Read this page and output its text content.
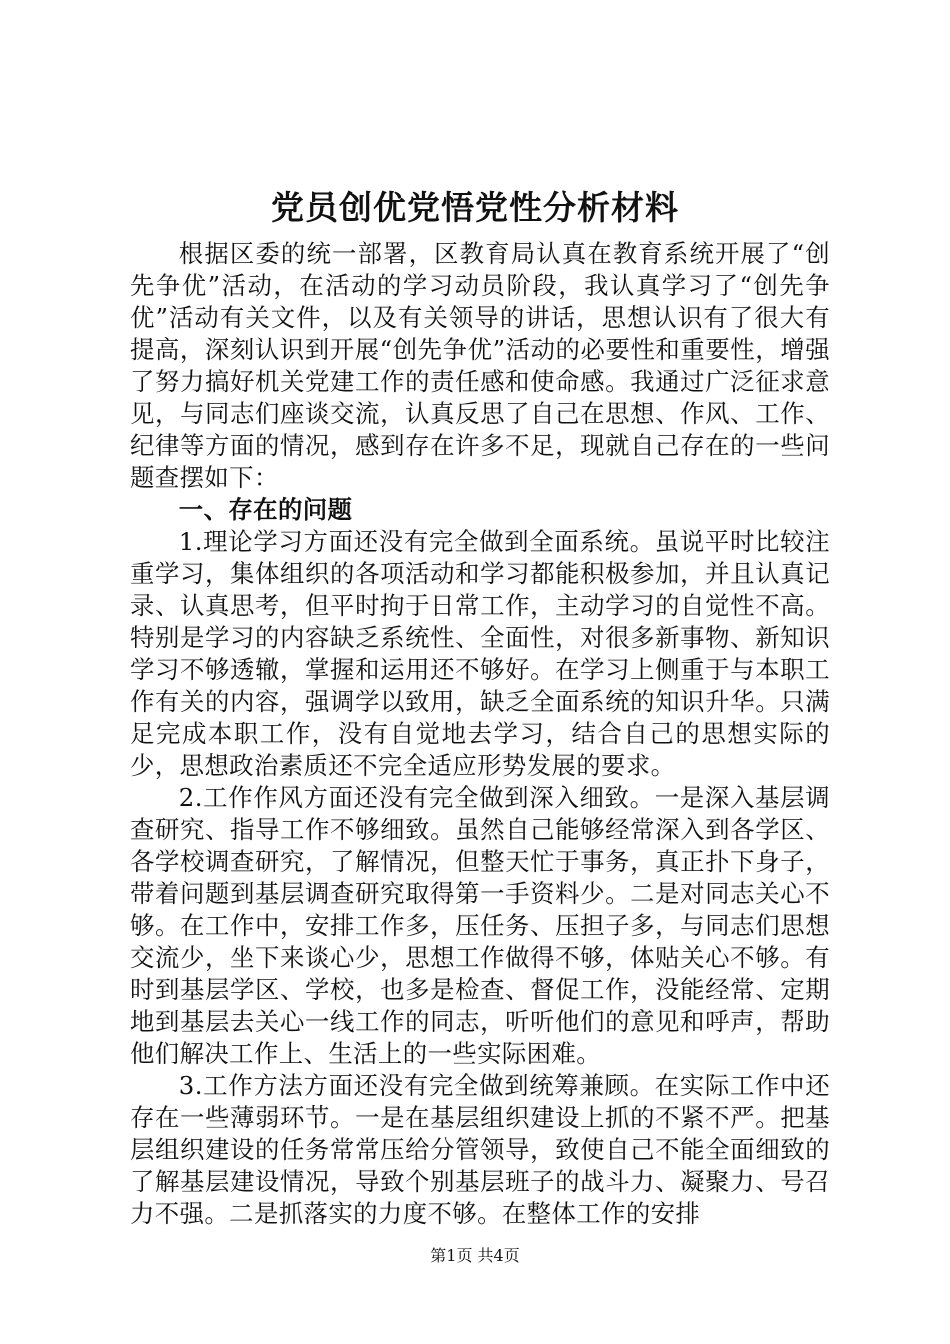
党员创优党悟党性分析材料

根据区委的统一部署，区教育局认真在教育系统开展了“创先争优”活动，在活动的学习动员阶段，我认真学习了“创先争优”活动有关文件，以及有关领导的讲话，思想认识有了很大有提高，深刻认识到开展“创先争优”活动的必要性和重要性，增强了努力搞好机关党建工作的责任感和使命感。我通过广泛征求意见，与同志们座谈交流，认真反思了自己在思想、作风、工作、纪律等方面的情况，感到存在许多不足，现就自己存在的一些问题查摆如下：

一、存在的问题

1.理论学习方面还没有完全做到全面系统。虽说平时比较注重学习，集体组织的各项活动和学习都能积极参加，并且认真记录、认真思考，但平时拘于日常工作，主动学习的自觉性不高。特别是学习的内容缺乏系统性、全面性，对很多新事物、新知识学习不够透辙，掌握和运用还不够好。在学习上侧重于与本职工作有关的内容，强调学以致用，缺乏全面系统的知识升华。只满足完成本职工作，没有自觉地去学习，结合自己的思想实际的少，思想政治素质还不完全适应形势发展的要求。

2.工作作风方面还没有完全做到深入细致。一是深入基层调查研究、指导工作不够细致。虽然自己能够经常深入到各学区、各学校调查研究，了解情况，但整天忙于事务，真正扑下身子，带着问题到基层调查研究取得第一手资料少。二是对同志关心不够。在工作中，安排工作多，压任务、压担子多，与同志们思想交流少，坐下来谈心少，思想工作做得不够，体贴关心不够。有时到基层学区、学校，也多是检查、督促工作，没能经常、定期地到基层去关心一线工作的同志，听听他们的意见和呼声，帮助他们解决工作上、生活上的一些实际困难。

3.工作方法方面还没有完全做到统筹兼顾。在实际工作中还存在一些薄弱环节。一是在基层组织建设上抓的不紧不严。把基层组织建设的任务常常压给分管领导，致使自己不能全面细致的了解基层建设情况，导致个别基层班子的战斗力、凝聚力、号召力不强。二是抓落实的力度不够。在整体工作的安排

第1页 共4页
